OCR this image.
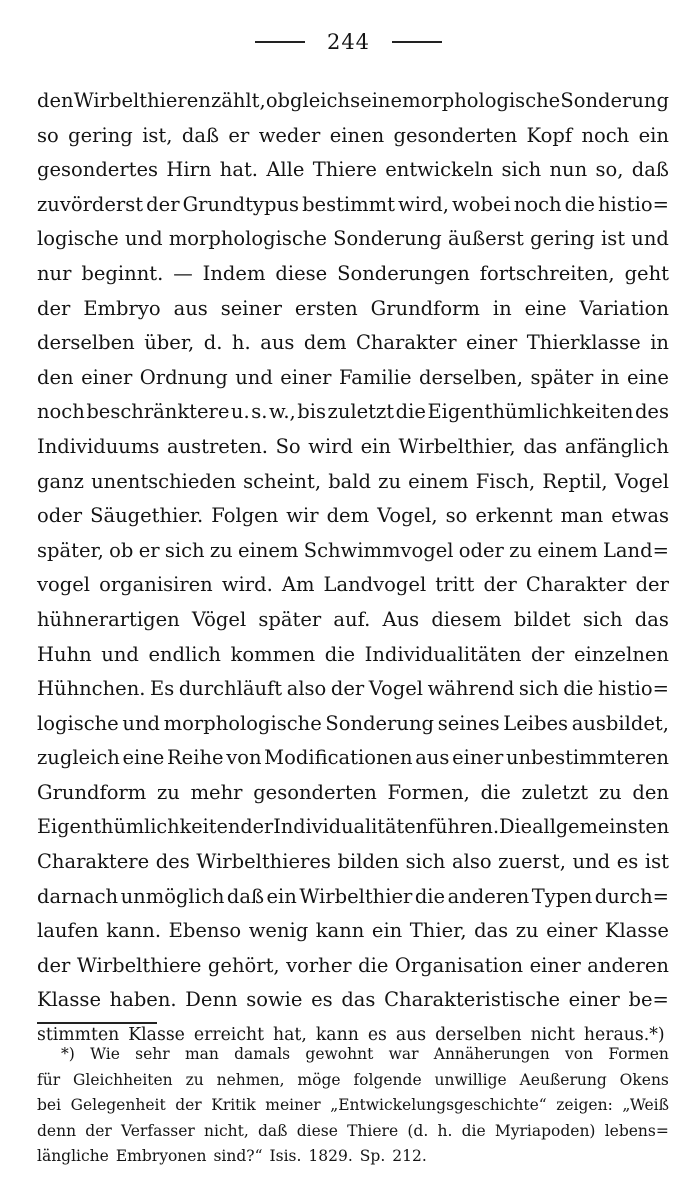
244
den Wirbelthieren zählt, obgleich seine morphologische Sonderung
so gering ist, daß er weder einen gesonderten Kopf noch ein
gesondertes Hirn hat. Alle Thiere entwickeln sich nun so, daß
zuvörderst der Grundtypus bestimmt wird, wobei noch die histio=
logische und morphologische Sonderung äußerst gering ist und
nur beginnt. — Indem diese Sonderungen fortschreiten, geht
der Embryo aus seiner ersten Grundform in eine Variation
derselben über, d. h. aus dem Charakter einer Thierklasse in
den einer Ordnung und einer Familie derselben, später in eine
noch beschränktere u. s. w., bis zuletzt die Eigenthümlichkeiten des
Individuums austreten. So wird ein Wirbelthier, das anfänglich
ganz unentschieden scheint, bald zu einem Fisch, Reptil, Vogel
oder Säugethier. Folgen wir dem Vogel, so erkennt man etwas
später, ob er sich zu einem Schwimmvogel oder zu einem Land=
vogel organisiren wird. Am Landvogel tritt der Charakter der
hühnerartigen Vögel später auf. Aus diesem bildet sich das
Huhn und endlich kommen die Individualitäten der einzelnen
Hühnchen. Es durchläuft also der Vogel während sich die histio=
logische und morphologische Sonderung seines Leibes ausbildet,
zugleich eine Reihe von Modificationen aus einer unbestimmteren
Grundform zu mehr gesonderten Formen, die zuletzt zu den
Eigenthümlichkeiten der Individualitäten führen. Die allgemeinsten
Charaktere des Wirbelthieres bilden sich also zuerst, und es ist
darnach unmöglich daß ein Wirbelthier die anderen Typen durch=
laufen kann. Ebenso wenig kann ein Thier, das zu einer Klasse
der Wirbelthiere gehört, vorher die Organisation einer anderen
Klasse haben. Denn sowie es das Charakteristische einer be=
stimmten Klasse erreicht hat, kann es aus derselben nicht heraus.*)
*) Wie sehr man damals gewohnt war Annäherungen von Formen
für Gleichheiten zu nehmen, möge folgende unwillige Aeußerung Okens
bei Gelegenheit der Kritik meiner „Entwickelungsgeschichte“ zeigen: „Weiß
denn der Verfasser nicht, daß diese Thiere (d. h. die Myriapoden) lebens=
längliche Embryonen sind?“ Isis. 1829. Sp. 212.
